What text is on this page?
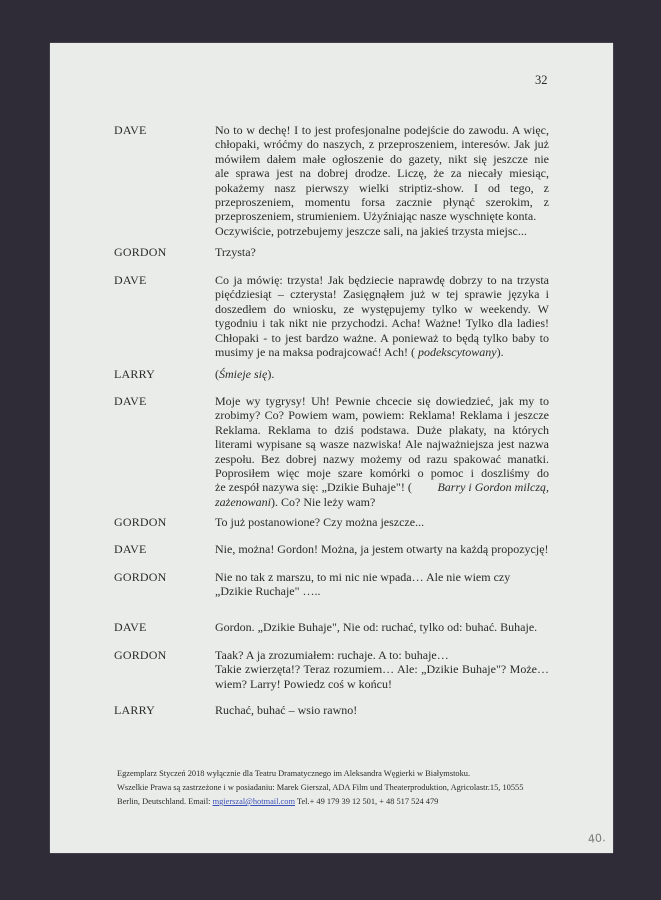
32
DAVE	No to w dechę! I to jest profesjonalne podejście do zawodu. A więc,
chłopaki, wróćmy do naszych, z przeproszeniem, interesów. Jak już
mówiłem dałem małe ogłoszenie do gazety, nikt się jeszcze nie
ale sprawa jest na dobrej drodze. Liczę, że za niecały miesiąc,
pokażemy nasz pierwszy wielki striptiz-show. I od tego, z
przeproszeniem, momentu forsa zacznie płynąć szerokim, z
przeproszeniem, strumieniem. Użyźniając nasze wyschnięte konta.
Oczywiście, potrzebujemy jeszcze sali, na jakieś trzysta miejsc...
GORDON	Trzysta?
DAVE	Co ja mówię: trzysta! Jak będziecie naprawdę dobrzy to na trzysta
pięćdziesiąt – czterysta! Zasięgnąłem już w tej sprawie języka i
doszedłem do wniosku, ze występujemy tylko w weekendy. W
tygodniu i tak nikt nie przychodzi. Acha! Ważne! Tylko dla ladies!
Chłopaki - to jest bardzo ważne. A ponieważ to będą tylko baby to
musimy je na maksa podrajcować! Ach! ( podekscytowany).
LARRY	(Śmieje się).
DAVE	Moje wy tygrysy! Uh! Pewnie chcecie się dowiedzieć, jak my to
zrobimy? Co? Powiem wam, powiem: Reklama! Reklama i jeszcze
Reklama. Reklama to dziś podstawa. Duże plakaty, na których
literami wypisane są wasze nazwiska! Ale najważniejsza jest nazwa
zespołu. Bez dobrej nazwy możemy od razu spakować manatki.
Poprosiłem więc moje szare komórki o pomoc i doszliśmy do
że zespół nazywa się: „Dzikie Buhaje"! ( Barry i Gordon milczą,
zażenowani). Co? Nie leży wam?
GORDON	To już postanowione? Czy można jeszcze...
DAVE	Nie, można! Gordon! Można, ja jestem otwarty na każdą propozycję!
GORDON	Nie no tak z marszu, to mi nic nie wpada… Ale nie wiem czy
„Dzikie Ruchaje" …..
DAVE	Gordon. „Dzikie Buhaje", Nie od: ruchać, tylko od: buhać. Buhaje.
GORDON	Taak? A ja zrozumiałem: ruchaje. A to: buhaje…
Takie zwierzęta!? Teraz rozumiem… Ale: „Dzikie Buhaje"? Może…
wiem? Larry! Powiedz coś w końcu!
LARRY	Ruchać, buhać – wsio rawno!
Egzemplarz Styczeń 2018 wyłącznie dla Teatru Dramatycznego im Aleksandra Węgierki w Białymstoku.
Wszelkie Prawa są zastrzeżone i w posiadaniu: Marek Gierszal, ADA Film und Theaterproduktion, Agricolastr.15, 10555
Berlin, Deutschland. Email: mgierszal@hotmail.com Tel.+ 49 179 39 12 501, + 48 517 524 479
40.
